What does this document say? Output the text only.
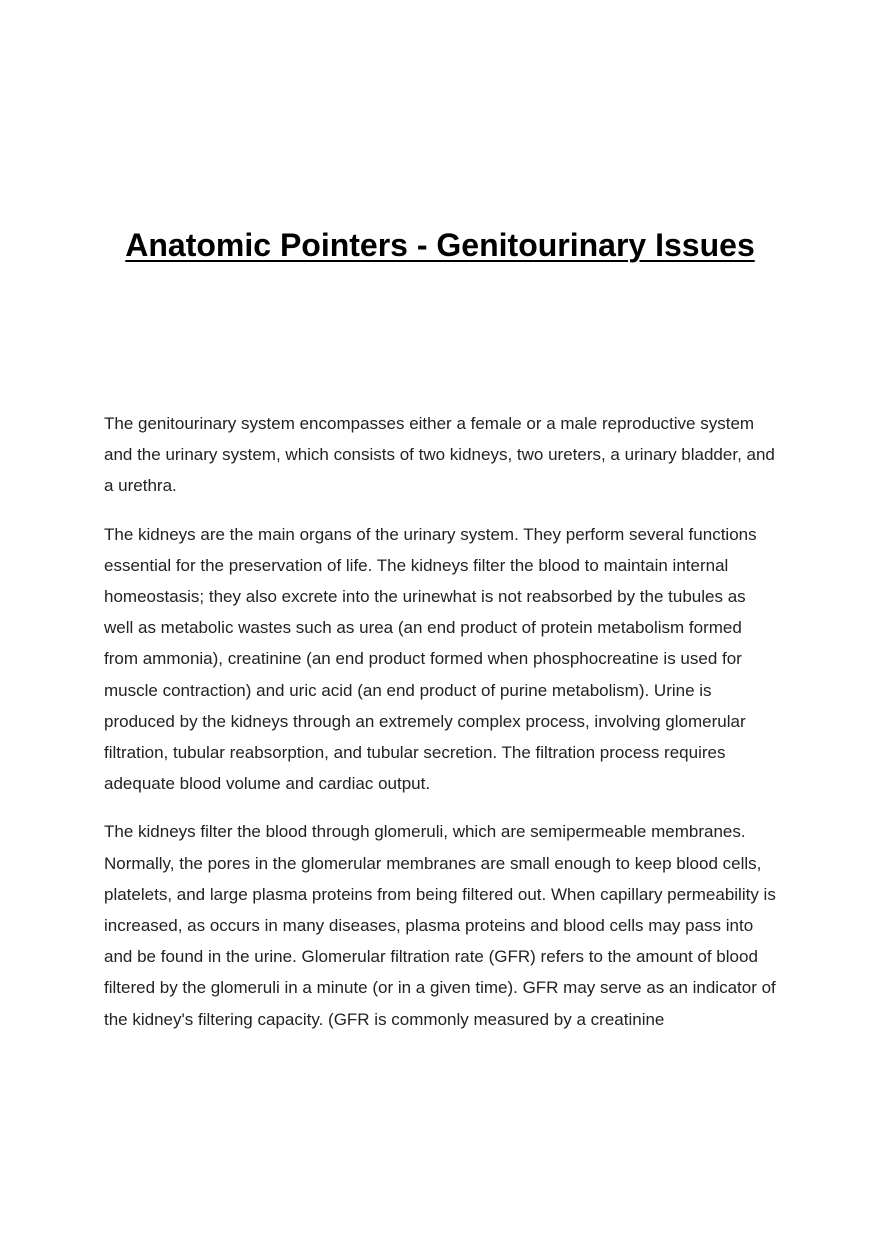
Anatomic Pointers - Genitourinary Issues

The genitourinary system encompasses either a female or a male reproductive system and the urinary system, which consists of two kidneys, two ureters, a urinary bladder, and a urethra.

The kidneys are the main organs of the urinary system. They perform several functions essential for the preservation of life. The kidneys filter the blood to maintain internal homeostasis; they also excrete into the urinewhat is not reabsorbed by the tubules as well as metabolic wastes such as urea (an end product of protein metabolism formed from ammonia), creatinine (an end product formed when phosphocreatine is used for muscle contraction) and uric acid (an end product of purine metabolism). Urine is produced by the kidneys through an extremely complex process, involving glomerular filtration, tubular reabsorption, and tubular secretion. The filtration process requires adequate blood volume and cardiac output.

The kidneys filter the blood through glomeruli, which are semipermeable membranes. Normally, the pores in the glomerular membranes are small enough to keep blood cells, platelets, and large plasma proteins from being filtered out. When capillary permeability is increased, as occurs in many diseases, plasma proteins and blood cells may pass into and be found in the urine. Glomerular filtration rate (GFR) refers to the amount of blood filtered by the glomeruli in a minute (or in a given time). GFR may serve as an indicator of the kidney's filtering capacity. (GFR is commonly measured by a creatinine
